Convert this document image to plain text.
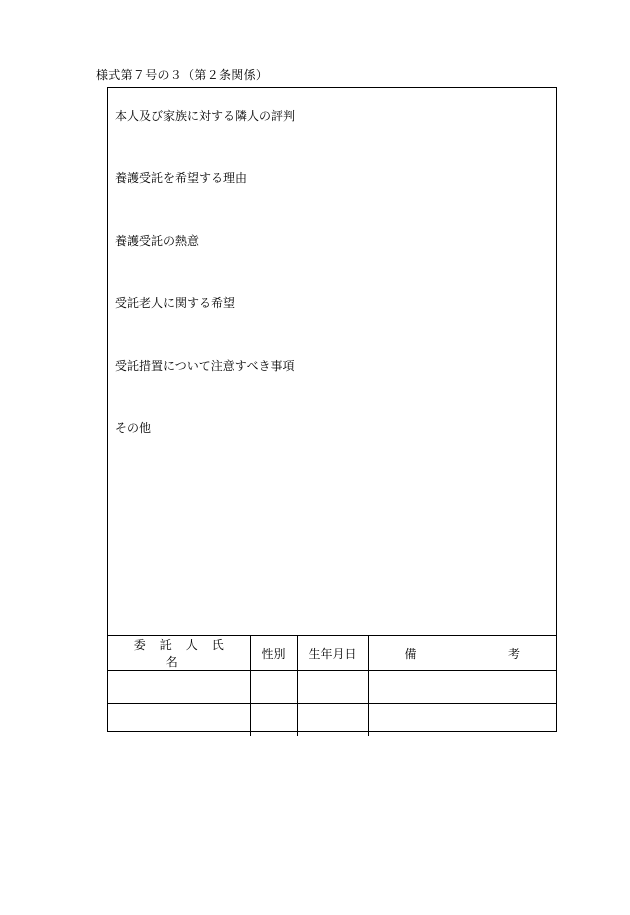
様式第７号の３（第２条関係）
本人及び家族に対する隣人の評判
養護受託を希望する理由
養護受託の熱意
受託老人に関する希望
受託措置について注意すべき事項
その他
委託人氏名	性別	生年月日	備 考
